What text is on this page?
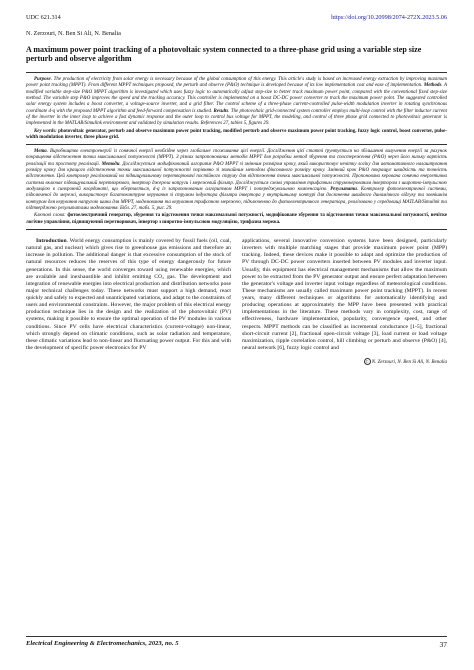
UDC 621.314	https://doi.org/10.20998/2074-272X.2023.5.06
N. Zerzouri, N. Ben Si Ali, N. Benalia
A maximum power point tracking of a photovoltaic system connected to a three-phase grid using a variable step size perturb and observe algorithm

Purpose. The production of electricity from solar energy is necessary because of the global consumption of this energy. This article's study is based on increased energy extraction by improving maximum power point tracking (MPPT). From different MPPT techniques proposed, the perturb and observe (P&O) technique is developed because of its low implementation cost and ease of implementation. Methods. A modified variable step-size P&O MPPT algorithm is investigated which uses fuzzy logic to automatically adjust step-size to better track maximum power point, compared with the conventional fixed step-size method. The variable step P&O improves the speed and the tracking accuracy. This controller is implemented on a boost DC-DC power converter to track the maximum power point. The suggested controlled solar energy system includes a boost converter, a voltage-source inverter, and a grid filter. The control scheme of a three-phase current-controlled pulse-width modulation inverter in rotating synchronous coordinate d-q with the proposed MPPT algorithm and feed-forward compensation is studied. Results. The photovoltaic grid-connected system controller employs multi-loop control with the filter inductor current of the inverter in the inner loop to achieve a fast dynamic response and the outer loop to control bus voltage for MPPT, the modeling, and control of three phase grid connected to photovoltaic generator is implemented in the MATLAB/Simulink environment and validated by simulation results. References 27, tables 5, figures 29.

Key words: photovoltaic generator, perturb and observe maximum power point tracking, modified perturb and observe maximum power point tracking, fuzzy logic control, boost converter, pulse-width modulation inverter, three phase grid.

Мета. Виробництво електроенергії із сонячної енергії необхідне через глобальне споживання цієї енергії. Дослідження цієї статті ґрунтується на збільшенні вилучення енергії за рахунок покращення відстеження точки максимальної потужності (MPPT). З різних запропонованих методів MPPT для розробки метод збурення та спостереження (P&O) через його низьку вартість реалізації та простоту реалізації. Методи. Досліджується модифікований алгоритм P&O MPPT зі змінним розміром кроку, який використовує нечітку логіку для автоматичного налаштування розміру кроку для кращого відстеження точки максимальної потужності порівняно зі звичайним методом фіксованого розміру кроку. Змінний крок P&O покращує швидкість та точність відстеження. Цей контролер реалізований на підвищувальному перетворювачі постійного струму для відстеження точки максимальної потужності. Пропонована керована сонячна енергетична система включає підвищувальний перетворювач, інвертор джерела напруги і мережевий фільтр. Досліджується схема управління трифазним струмокерованим інвертором з широтно-імпульсною модуляцією в синхронній координаті, що обертається, d-q із запропонованим алгоритмом MPPT і попереджувальною компенсацією. Результати. Контролер фотоелектричної системи, підключеної до мережі, використовує багатоконтурне керування зі струмом індуктора фільтра інвертора у внутрішньому контурі для досягнення швидкого динамічного відгуку та зовнішнім контуром для керування напругою шини для MPPT, моделювання та керування трифазною мережею, підключеною до фотоелектричного генератора, реалізовано у середовищі MATLAB/Simulink та підтверджено результатами моделювання. Бібл. 27, табл. 5, рис. 29.

Ключові слова: фотоелектричний генератор, збурення та відстеження точки максимальної потужності, модифіковане збурення та відстеження точки максимальної потужності, нечітке логічне управління, підвищуючий перетворювач, інвертор з широтно-імпульсною модуляцією, трифазна мережа.

Introduction. World energy consumption is mainly covered by fossil fuels (oil, coal, natural gas, and nuclear) which gives rise to greenhouse gas emissions and therefore an increase in pollution. The additional danger is that excessive consumption of the stock of natural resources reduces the reserves of this type of energy dangerously for future generations. In this sense, the world converges toward using renewable energies, which are available and inexhaustible and inhibit emitting CO₂ gas. The development and integration of renewable energies into electrical production and distribution networks pose major technical challenges today. These networks must support a high demand, react quickly and safely to expected and unanticipated variations, and adapt to the constraints of users and environmental constraints. However, the major problem of this electrical energy production technique lies in the design and the realization of the photovoltaic (PV) systems, making it possible to ensure the optimal operation of the PV modules in various conditions. Since PV cells have electrical characteristics (current-voltage) non-linear, which strongly depend on climatic conditions, such as solar radiation and temperature, these climatic variations lead to non-linear and fluctuating power output. For this and with the development of specific power electronics for PV

applications, several innovative conversion systems have been designed, particularly inverters with multiple matching stages that provide maximum power point (MPP) tracking. Indeed, these devices make it possible to adapt and optimize the production of PV through DC-DC power converters inserted between PV modules and inverter input. Usually, this equipment has electrical management mechanisms that allow the maximum power to be extracted from the PV generator output and ensure perfect adaptation between the generator's voltage and inverter input voltage regardless of meteorological conditions. These mechanisms are usually called maximum power point tracking (MPPT). In recent years, many different techniques or algorithms for automatically identifying and producing operations at approximately the MPP have been presented with practical implementations in the literature. These methods vary in complexity, cost, range of effectiveness, hardware implementation, popularity, convergence speed, and other respects. MPPT methods can be classified as incremental conductance [1-5], fractional short-circuit current [2], fractional open-circuit voltage [3], load current or load voltage maximization, ripple correlation control, hill climbing or perturb and observe (P&O) [4], neural network [6], fuzzy logic control and

© N. Zerzouri, N. Ben Si Ali, N. Benalia
Electrical Engineering & Electromechanics, 2023, no. 5	37
